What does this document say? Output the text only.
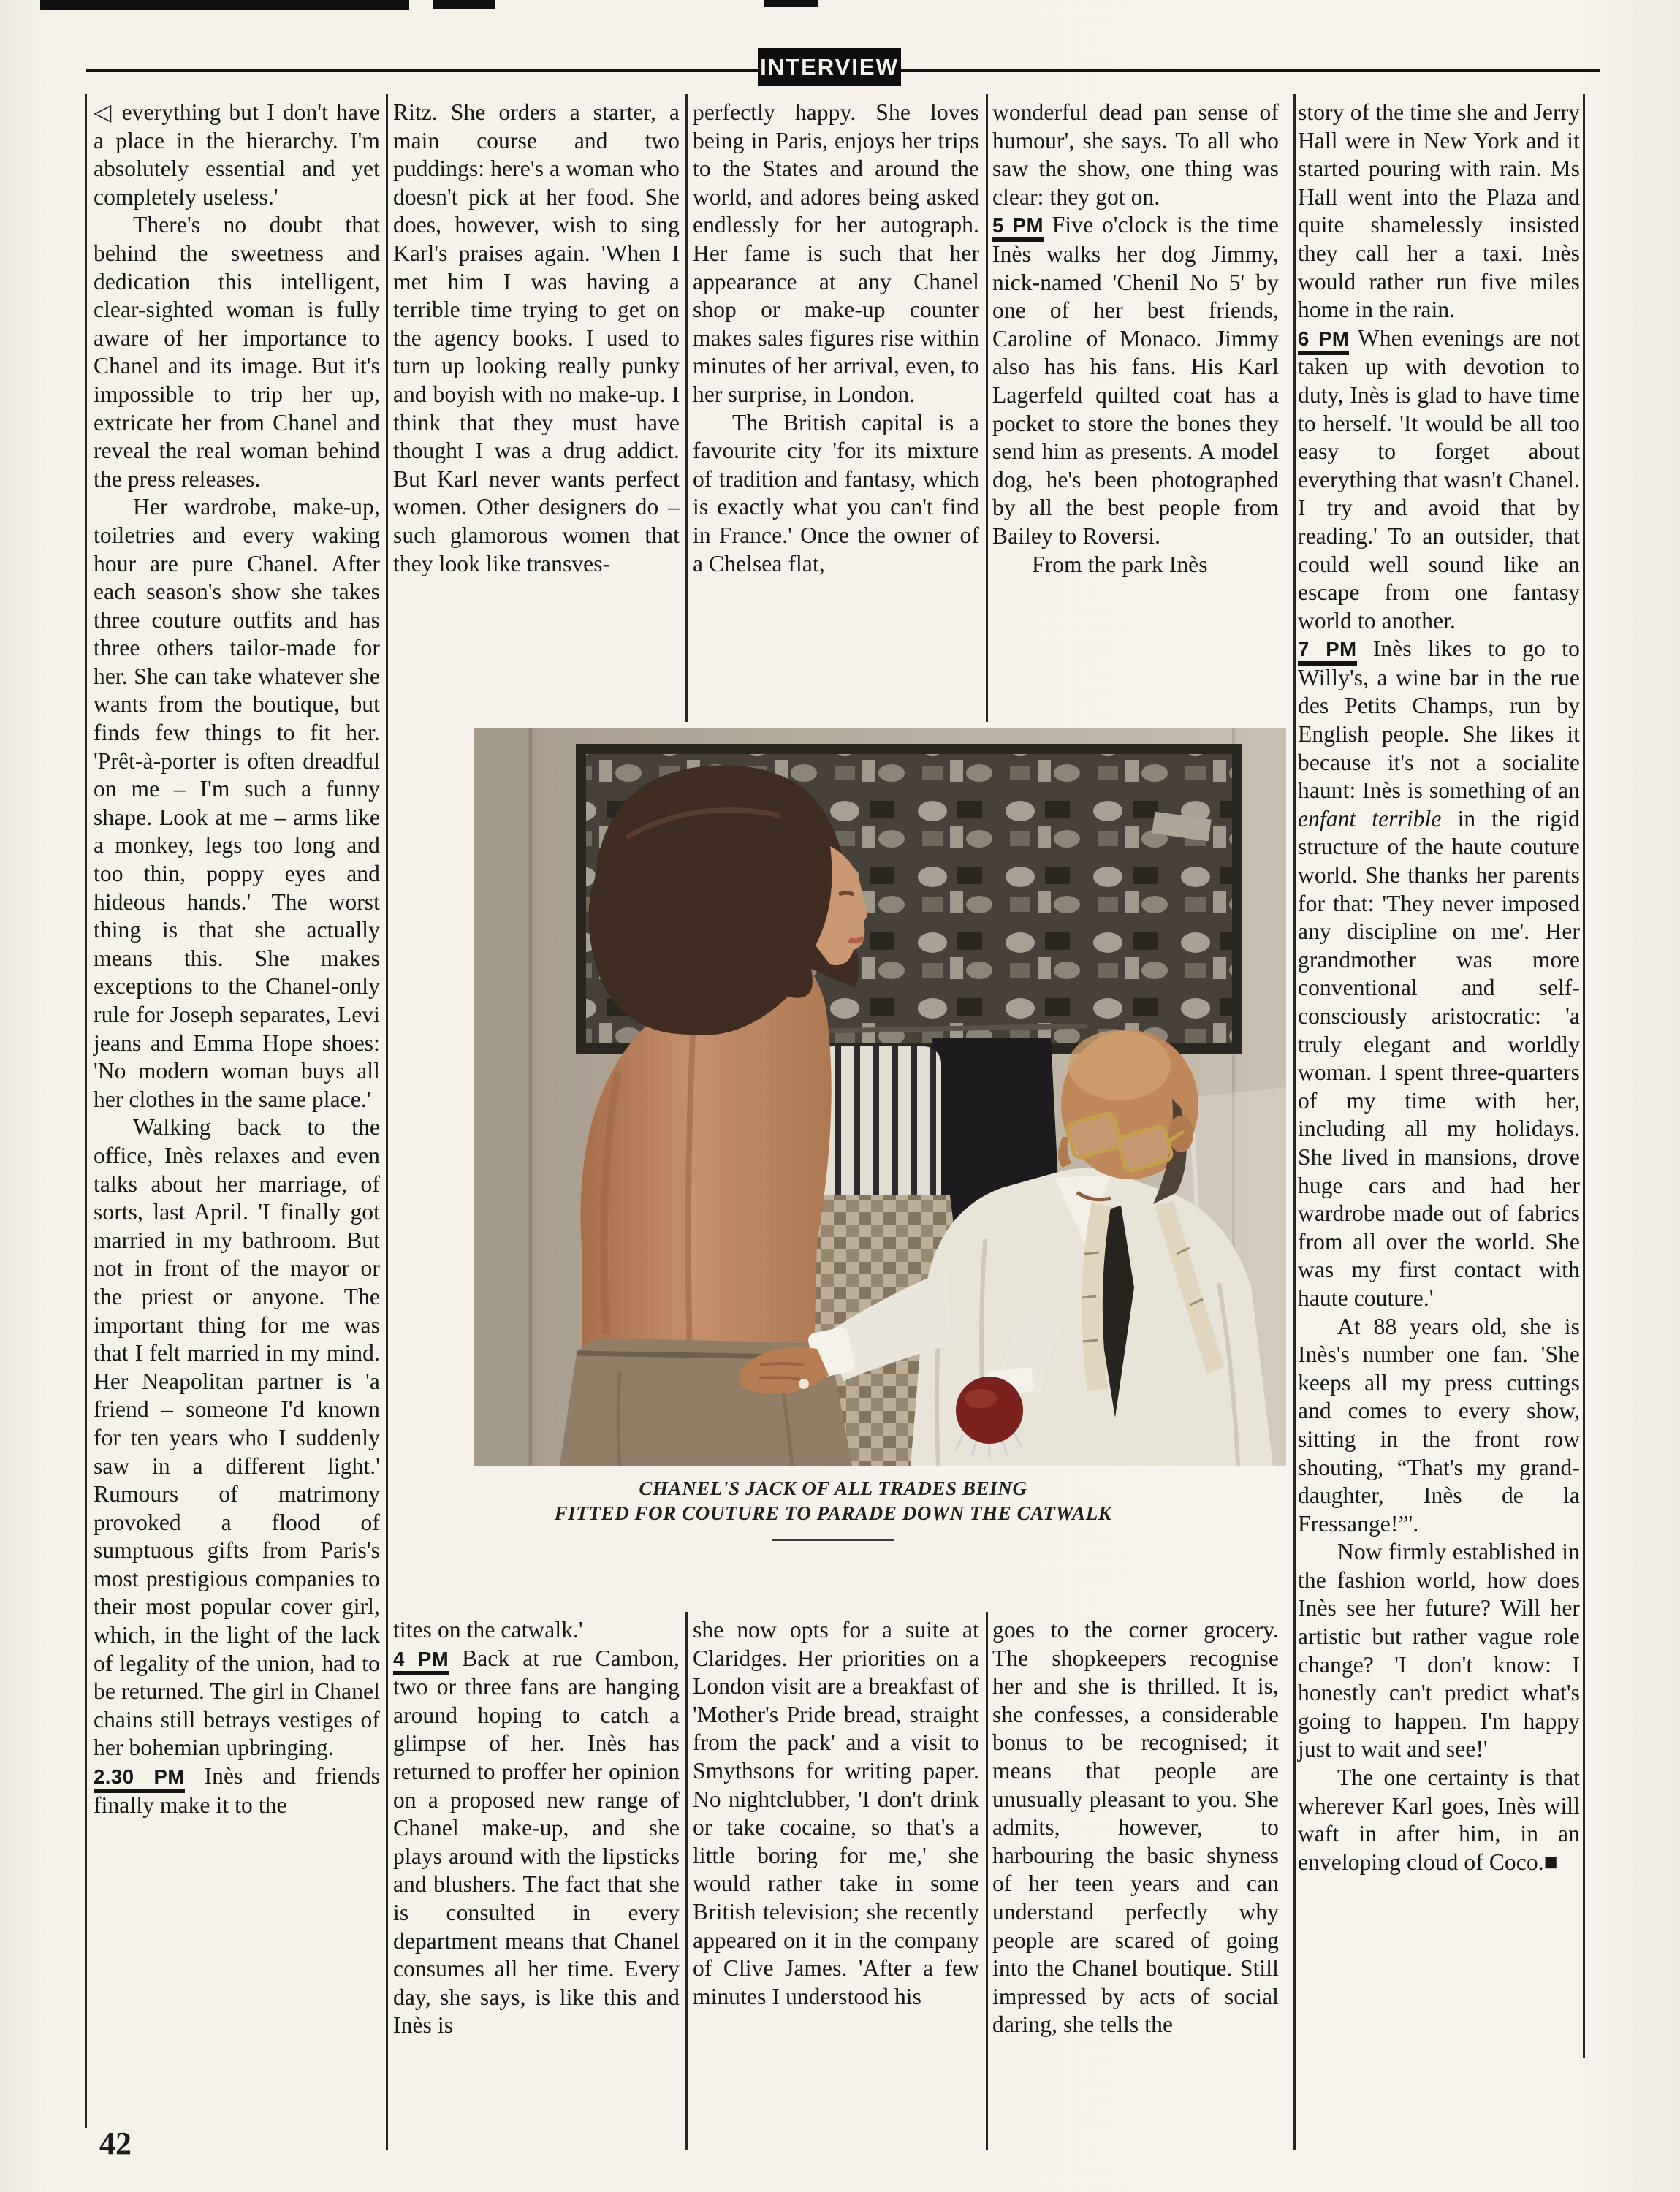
INTERVIEW

◁ everything but I don't have a place in the hierarchy. I'm absolutely essential and yet completely useless.'

There's no doubt that behind the sweetness and dedication this intelligent, clear-sighted woman is fully aware of her importance to Chanel and its image. But it's impossible to trip her up, extricate her from Chanel and reveal the real woman behind the press releases.

Her wardrobe, make-up, toiletries and every waking hour are pure Chanel. After each season's show she takes three couture outfits and has three others tailor-made for her. She can take whatever she wants from the boutique, but finds few things to fit her. 'Prêt-à-porter is often dreadful on me – I'm such a funny shape. Look at me – arms like a monkey, legs too long and too thin, poppy eyes and hideous hands.' The worst thing is that she actually means this. She makes exceptions to the Chanel-only rule for Joseph separates, Levi jeans and Emma Hope shoes: 'No modern woman buys all her clothes in the same place.'

Walking back to the office, Inès relaxes and even talks about her marriage, of sorts, last April. 'I finally got married in my bathroom. But not in front of the mayor or the priest or anyone. The important thing for me was that I felt married in my mind. Her Neapolitan partner is 'a friend – someone I'd known for ten years who I suddenly saw in a different light.' Rumours of matrimony provoked a flood of sumptuous gifts from Paris's most prestigious companies to their most popular cover girl, which, in the light of the lack of legality of the union, had to be returned. The girl in Chanel chains still betrays vestiges of her bohemian upbringing.

2.30 PM Inès and friends finally make it to the

Ritz. She orders a starter, a main course and two puddings: here's a woman who doesn't pick at her food. She does, however, wish to sing Karl's praises again. 'When I met him I was having a terrible time trying to get on the agency books. I used to turn up looking really punky and boyish with no make-up. I think that they must have thought I was a drug addict. But Karl never wants perfect women. Other designers do – such glamorous women that they look like transves-

perfectly happy. She loves being in Paris, enjoys her trips to the States and around the world, and adores being asked endlessly for her autograph. Her fame is such that her appearance at any Chanel shop or make-up counter makes sales figures rise within minutes of her arrival, even, to her surprise, in London.

The British capital is a favourite city 'for its mixture of tradition and fantasy, which is exactly what you can't find in France.' Once the owner of a Chelsea flat,

wonderful dead pan sense of humour', she says. To all who saw the show, one thing was clear: they got on.

5 PM Five o'clock is the time Inès walks her dog Jimmy, nick-named 'Chenil No 5' by one of her best friends, Caroline of Monaco. Jimmy also has his fans. His Karl Lagerfeld quilted coat has a pocket to store the bones they send him as presents. A model dog, he's been photographed by all the best people from Bailey to Roversi.

From the park Inès

story of the time she and Jerry Hall were in New York and it started pouring with rain. Ms Hall went into the Plaza and quite shamelessly insisted they call her a taxi. Inès would rather run five miles home in the rain.

6 PM When evenings are not taken up with devotion to duty, Inès is glad to have time to herself. 'It would be all too easy to forget about everything that wasn't Chanel. I try and avoid that by reading.' To an outsider, that could well sound like an escape from one fantasy world to another.

7 PM Inès likes to go to Willy's, a wine bar in the rue des Petits Champs, run by English people. She likes it because it's not a socialite haunt: Inès is something of an enfant terrible in the rigid structure of the haute couture world. She thanks her parents for that: 'They never imposed any discipline on me'. Her grandmother was more conventional and self-consciously aristocratic: 'a truly elegant and worldly woman. I spent three-quarters of my time with her, including all my holidays. She lived in mansions, drove huge cars and had her wardrobe made out of fabrics from all over the world. She was my first contact with haute couture.'

At 88 years old, she is Inès's number one fan. 'She keeps all my press cuttings and comes to every show, sitting in the front row shouting, “That's my grand-daughter, Inès de la Fressange!”'.

Now firmly established in the fashion world, how does Inès see her future? Will her artistic but rather vague role change? 'I don't know: I honestly can't predict what's going to happen. I'm happy just to wait and see!'

The one certainty is that wherever Karl goes, Inès will waft in after him, in an enveloping cloud of Coco.■

tites on the catwalk.'

4 PM Back at rue Cambon, two or three fans are hanging around hoping to catch a glimpse of her. Inès has returned to proffer her opinion on a proposed new range of Chanel make-up, and she plays around with the lipsticks and blushers. The fact that she is consulted in every department means that Chanel consumes all her time. Every day, she says, is like this and Inès is

she now opts for a suite at Claridges. Her priorities on a London visit are a breakfast of 'Mother's Pride bread, straight from the pack' and a visit to Smythsons for writing paper. No nightclubber, 'I don't drink or take cocaine, so that's a little boring for me,' she would rather take in some British television; she recently appeared on it in the company of Clive James. 'After a few minutes I understood his

goes to the corner grocery. The shopkeepers recognise her and she is thrilled. It is, she confesses, a considerable bonus to be recognised; it means that people are unusually pleasant to you. She admits, however, to harbouring the basic shyness of her teen years and can understand perfectly why people are scared of going into the Chanel boutique. Still impressed by acts of social daring, she tells the

CHANEL'S JACK OF ALL TRADES BEING
FITTED FOR COUTURE TO PARADE DOWN THE CATWALK
42
